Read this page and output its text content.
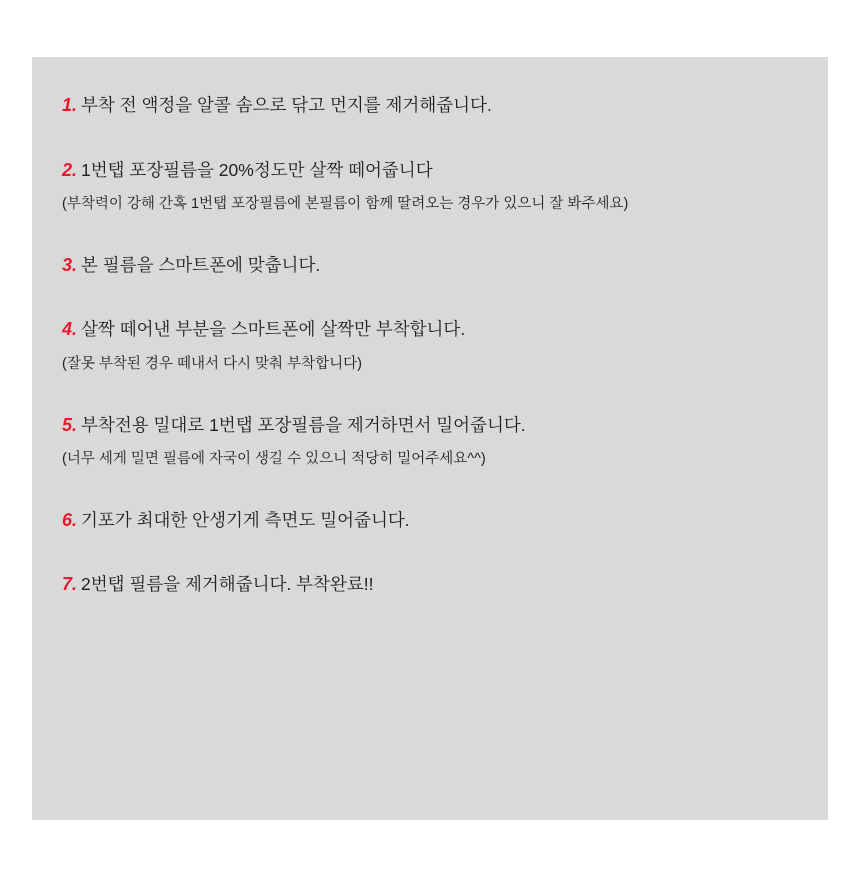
1. 부착 전 액정을 알콜 솜으로 닦고 먼지를 제거해줍니다.
2. 1번탭 포장필름을 20%정도만 살짝 떼어줍니다
(부착력이 강해 간혹 1번탭 포장필름에 본필름이 함께 딸려오는 경우가 있으니 잘 봐주세요)
3. 본 필름을 스마트폰에 맞춥니다.
4. 살짝 떼어낸 부분을 스마트폰에 살짝만 부착합니다.
(잘못 부착된 경우 떼내서 다시 맞춰 부착합니다)
5. 부착전용 밀대로 1번탭 포장필름을 제거하면서 밀어줍니다.
(너무 세게 밀면 필름에 자국이 생길 수 있으니 적당히 밀어주세요^^)
6. 기포가 최대한 안생기게 측면도 밀어줍니다.
7. 2번탭 필름을 제거해줍니다. 부착완료!!
